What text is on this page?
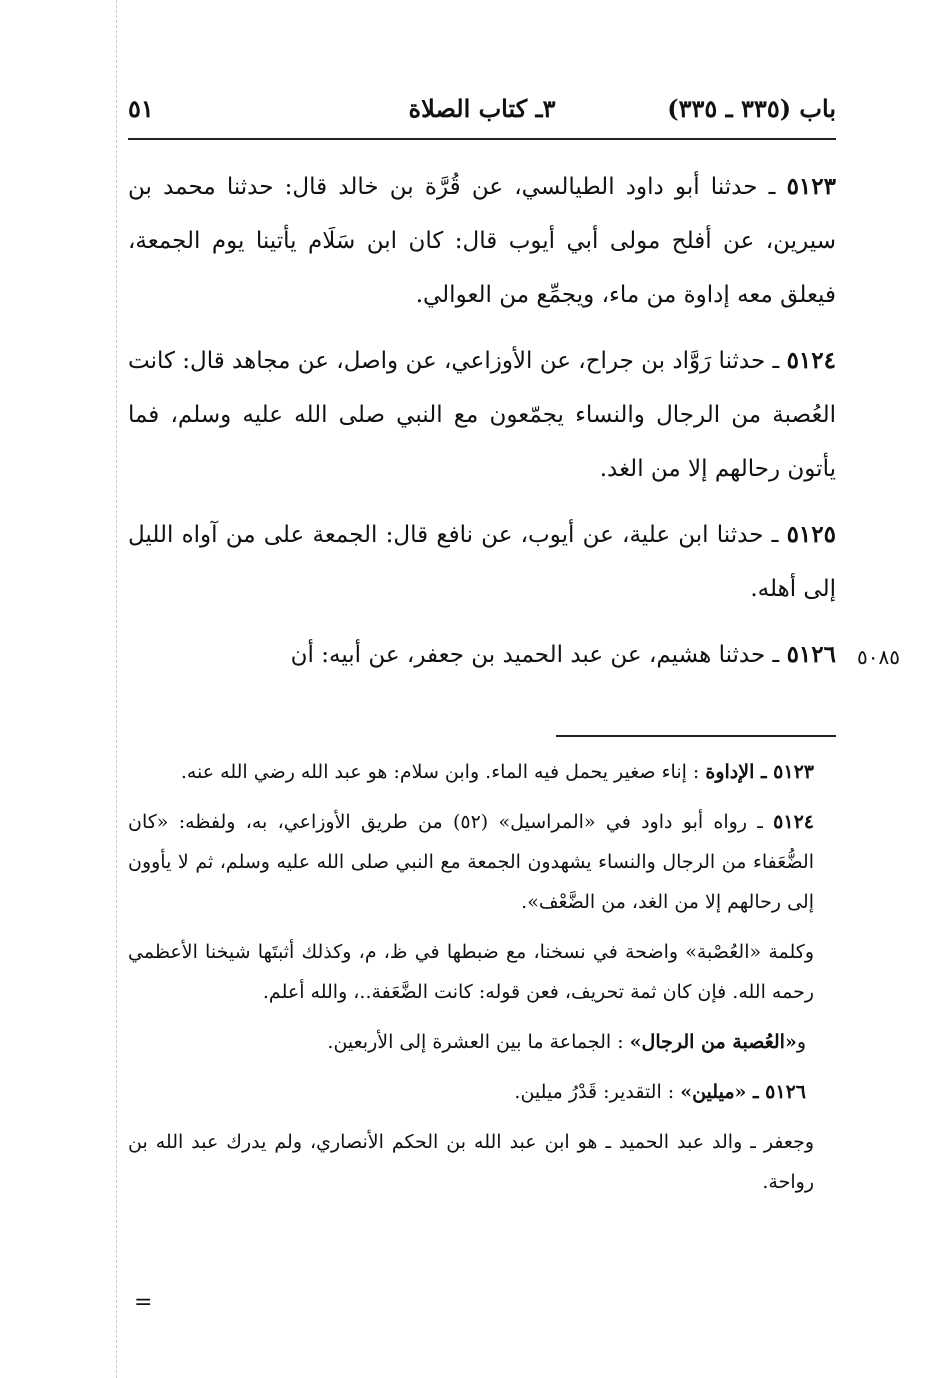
باب (٣٣٥ ـ ٣٣٥)
٣ـ كتاب الصلاة
٥١

٥١٢٣ ـ حدثنا أبو داود الطيالسي، عن قُرَّة بن خالد قال: حدثنا محمد بن سيرين، عن أفلح مولى أبي أيوب قال: كان ابن سَلَام يأتينا يوم الجمعة، فيعلق معه إداوة من ماء، ويجمِّع من العوالي.

٥١٢٤ ـ حدثنا رَوَّاد بن جراح، عن الأوزاعي، عن واصل، عن مجاهد قال: كانت العُصبة من الرجال والنساء يجمّعون مع النبي صلى الله عليه وسلم، فما يأتون رحالهم إلا من الغد.

٥١٢٥ ـ حدثنا ابن علية، عن أيوب، عن نافع قال: الجمعة على من آواه الليل إلى أهله.

٥١٢٦ ـ حدثنا هشيم، عن عبد الحميد بن جعفر، عن أبيه: أن	٥٠٨٥

٥١٢٣ ـ الإداوة : إناء صغير يحمل فيه الماء. وابن سلام: هو عبد الله رضي الله عنه.

٥١٢٤ ـ رواه أبو داود في «المراسيل» (٥٢) من طريق الأوزاعي، به، ولفظه: «كان الضُّعَفاء من الرجال والنساء يشهدون الجمعة مع النبي صلى الله عليه وسلم، ثم لا يأوون إلى رحالهم إلا من الغد، من الضَّعْف».

وكلمة «العُصْبة» واضحة في نسخنا، مع ضبطها في ظ، م، وكذلك أثبتَها شيخنا الأعظمي رحمه الله. فإن كان ثمة تحريف، فعن قوله: كانت الضَّعَفة..، والله أعلم.

و«العُصبة من الرجال» : الجماعة ما بين العشرة إلى الأربعين.

٥١٢٦ ـ «ميلين» : التقدير: قَدْرُ ميلين.

وجعفر ـ والد عبد الحميد ـ هو ابن عبد الله بن الحكم الأنصاري، ولم يدرك عبد الله بن رواحة.

=
